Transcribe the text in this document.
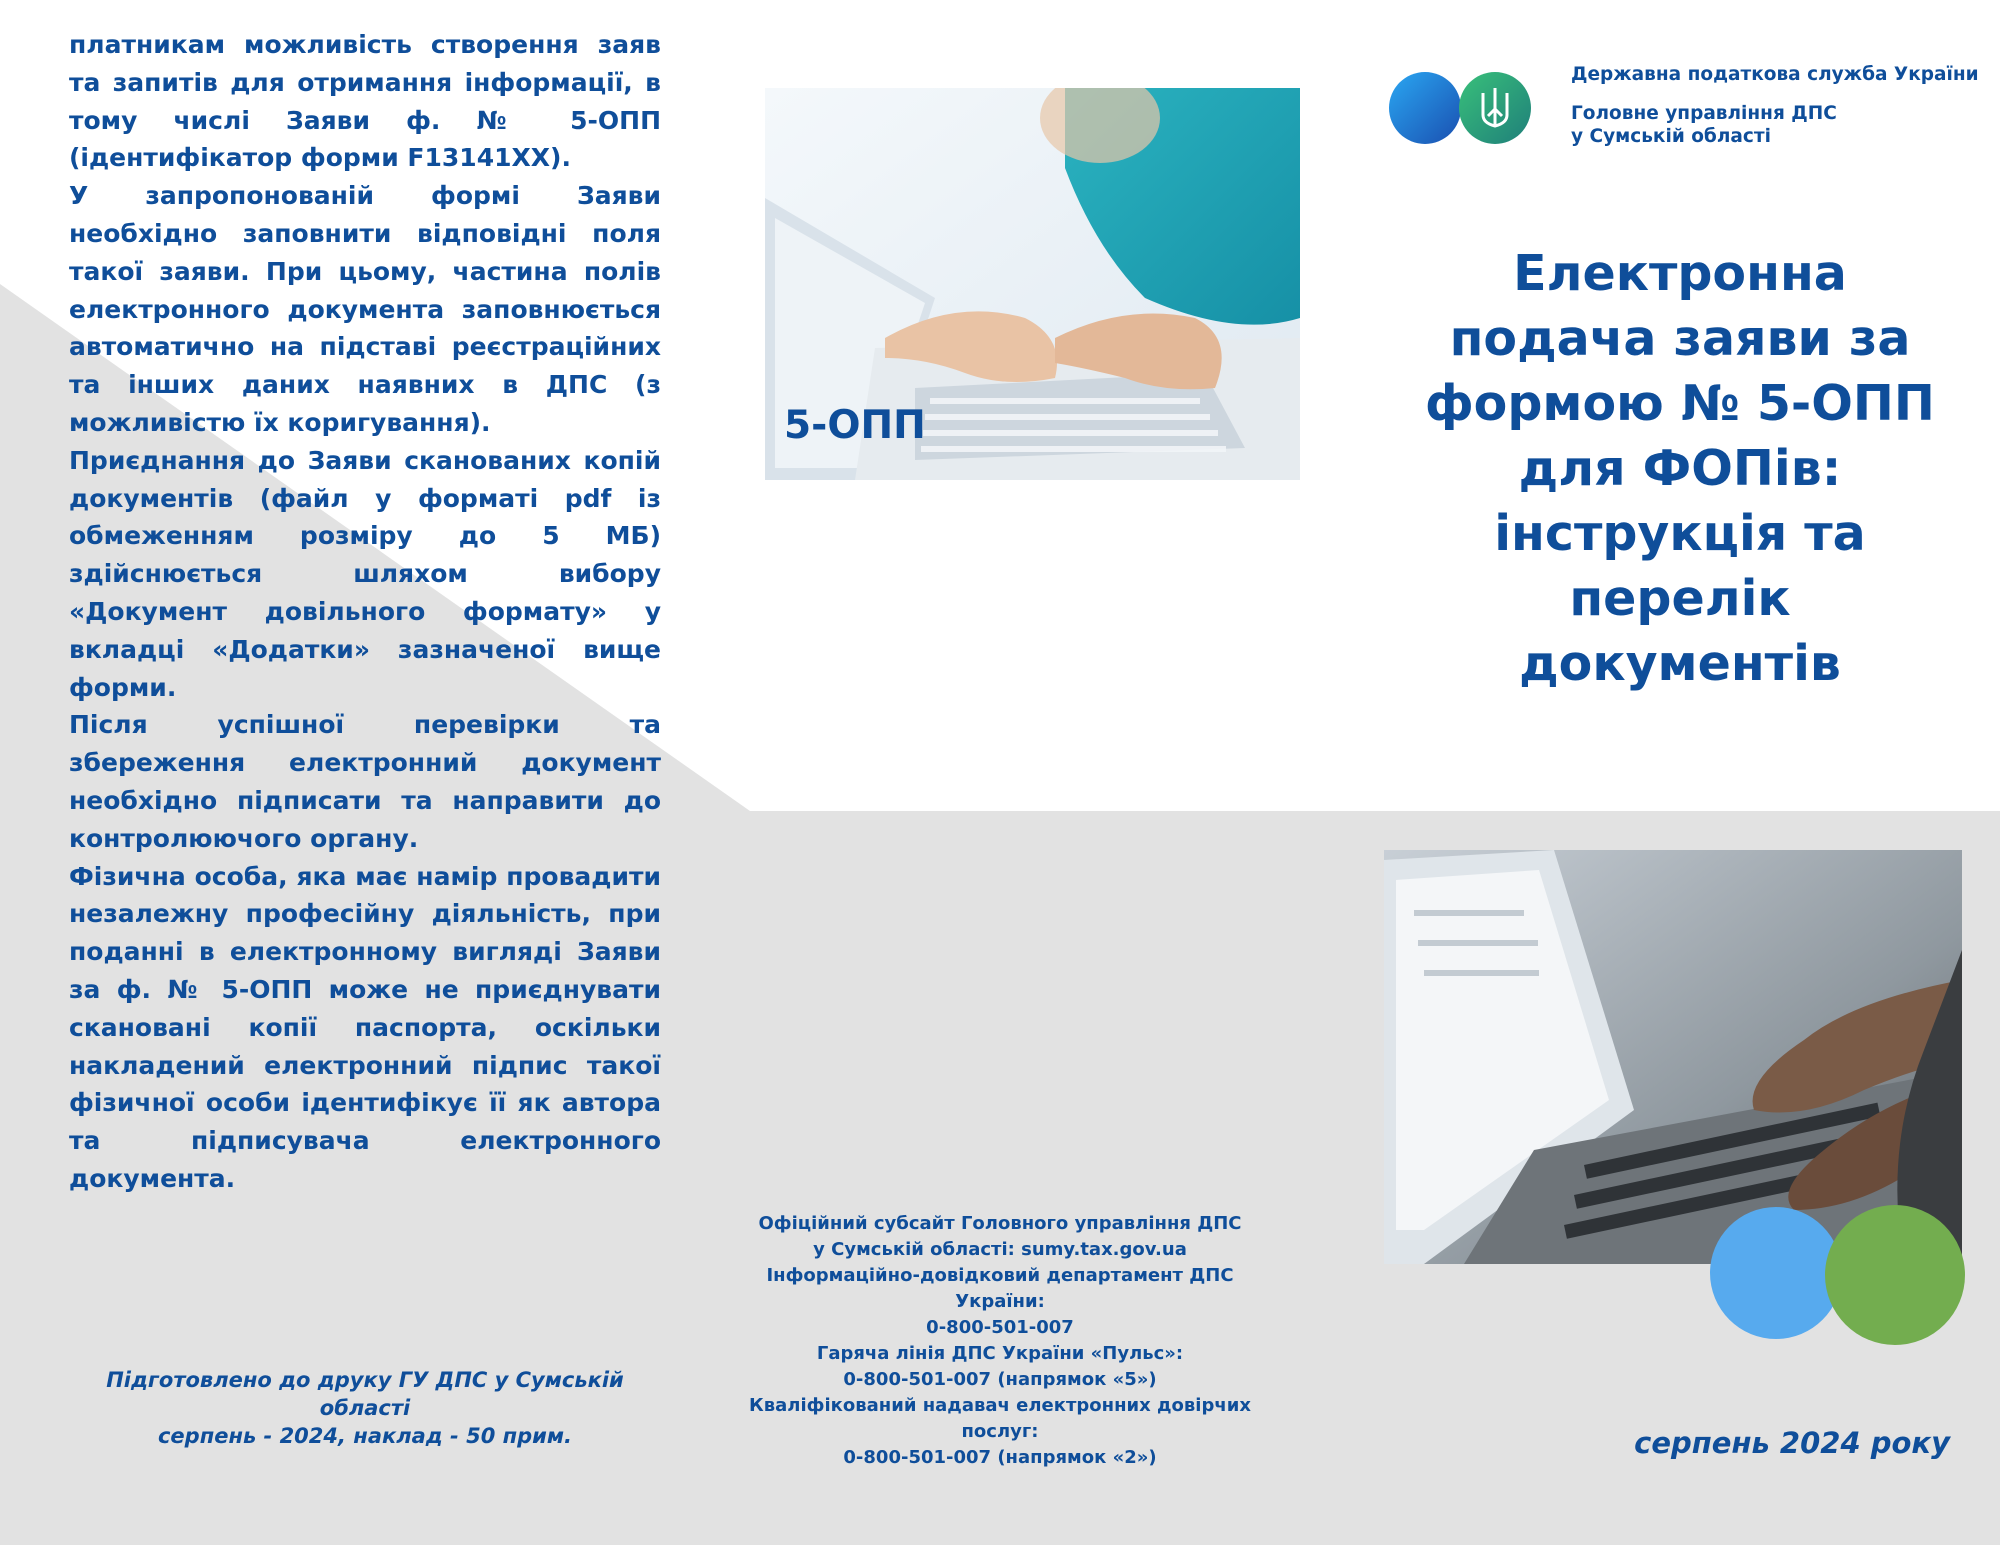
платникам можливість створення заяв та запитів для отримання інформації, в тому числі Заяви ф. № 5-ОПП (ідентифікатор форми F13141XX).

У запропонованій формі Заяви необхідно заповнити відповідні поля такої заяви. При цьому, частина полів електронного документа заповнюється автоматично на підставі реєстраційних та інших даних наявних в ДПС (з можливістю їх коригування).

Приєднання до Заяви сканованих копій документів (файл у форматі pdf із обмеженням розміру до 5 МБ) здійснюється шляхом вибору «Документ довільного формату» у вкладці «Додатки» зазначеної вище форми.

Після успішної перевірки та збереження електронний документ необхідно підписати та направити до контролюючого органу.

Фізична особа, яка має намір провадити незалежну професійну діяльність, при поданні в електронному вигляді Заяви за ф. № 5-ОПП може не приєднувати скановані копії паспорта, оскільки накладений електронний підпис такої фізичної особи ідентифікує її як автора та підписувача електронного документа.

Підготовлено до друку ГУ ДПС у Сумській
області
серпень - 2024, наклад - 50 прим.
5-ОПП
Офіційний субсайт Головного управління ДПС
у Сумській області: sumy.tax.gov.ua
Інформаційно-довідковий департамент ДПС
України:
0-800-501-007
Гаряча лінія ДПС України «Пульс»:
0-800-501-007 (напрямок «5»)
Кваліфікований надавач електронних довірчих
послуг:
0-800-501-007 (напрямок «2»)
Державна податкова служба України
Головне управління ДПС
у Сумській області
Електронна
подача заяви за
формою № 5-ОПП
для ФОПів:
інструкція та
перелік
документів
серпень 2024 року
